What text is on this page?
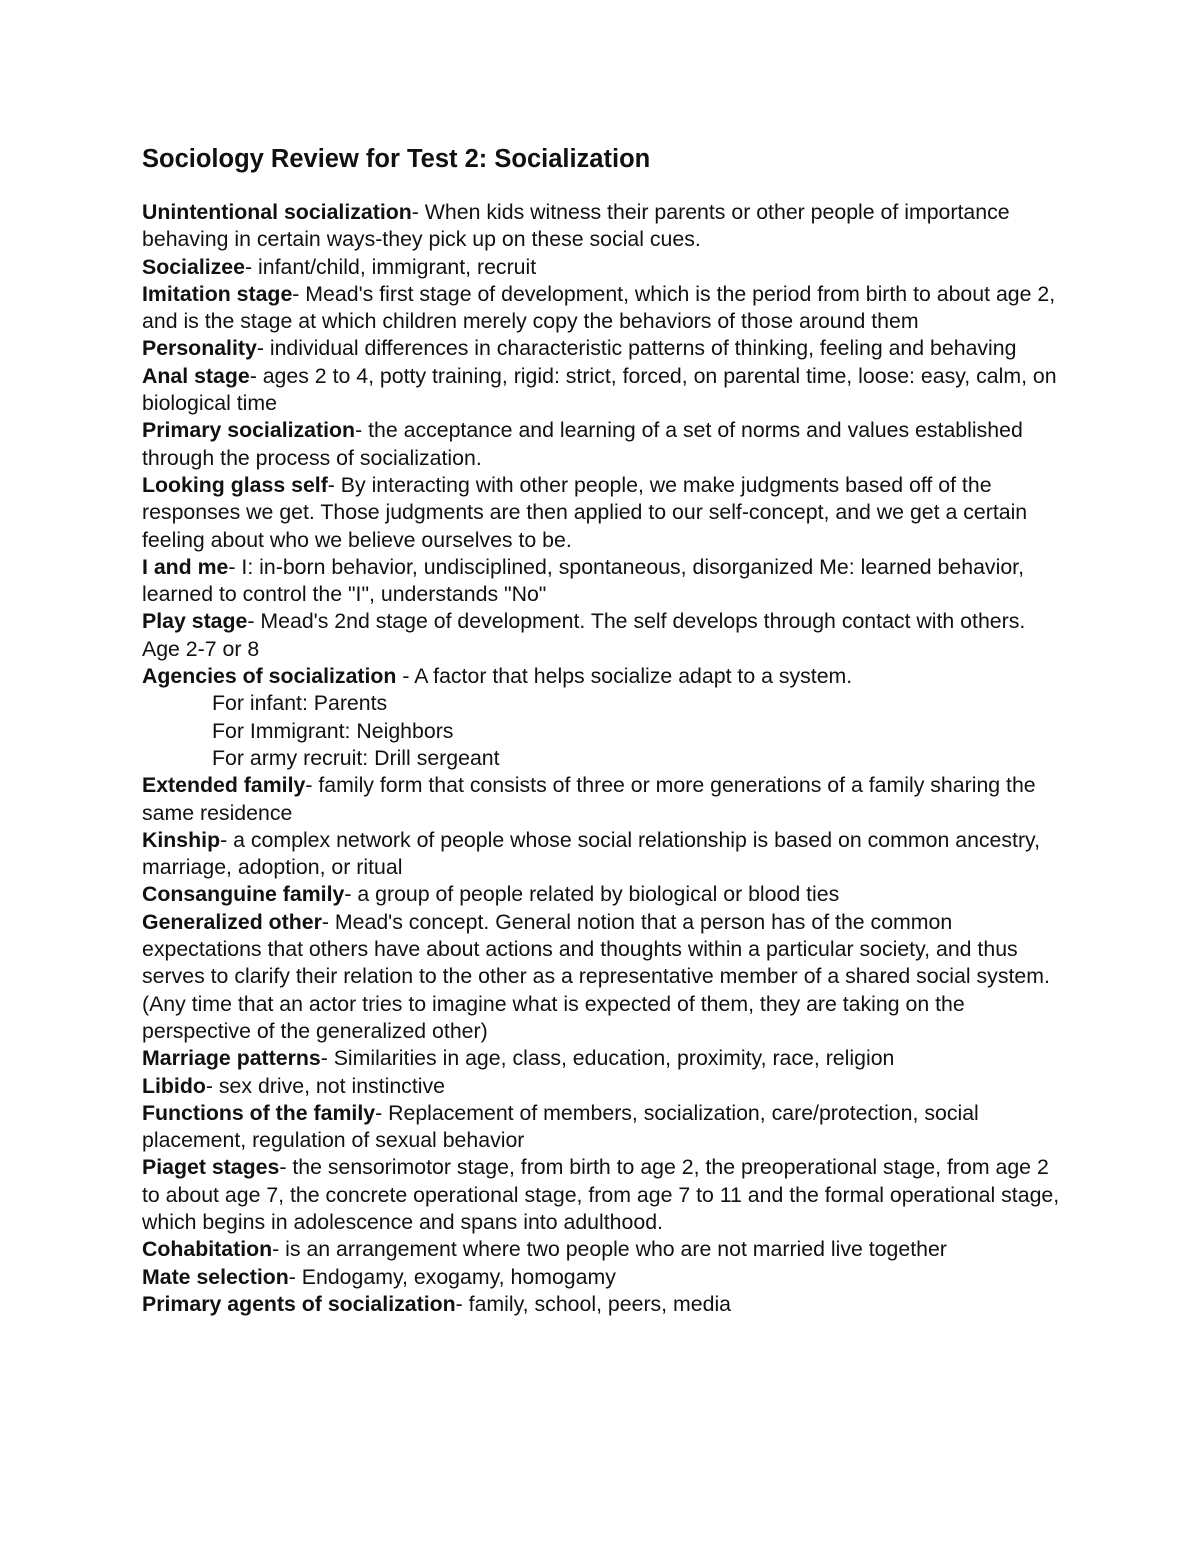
Sociology Review for Test 2: Socialization

Unintentional socialization- When kids witness their parents or other people of importance behaving in certain ways-they pick up on these social cues.

Socializee- infant/child, immigrant, recruit

Imitation stage- Mead's first stage of development, which is the period from birth to about age 2, and is the stage at which children merely copy the behaviors of those around them

Personality- individual differences in characteristic patterns of thinking, feeling and behaving

Anal stage- ages 2 to 4, potty training, rigid: strict, forced, on parental time, loose: easy, calm, on biological time

Primary socialization- the acceptance and learning of a set of norms and values established through the process of socialization.

Looking glass self- By interacting with other people, we make judgments based off of the responses we get. Those judgments are then applied to our self-concept, and we get a certain feeling about who we believe ourselves to be.

I and me- I: in-born behavior, undisciplined, spontaneous, disorganized Me: learned behavior, learned to control the "I", understands "No"

Play stage- Mead's 2nd stage of development. The self develops through contact with others. Age 2-7 or 8

Agencies of socialization - A factor that helps socialize adapt to a system.

For infant: Parents

For Immigrant: Neighbors

For army recruit: Drill sergeant

Extended family- family form that consists of three or more generations of a family sharing the same residence

Kinship- a complex network of people whose social relationship is based on common ancestry, marriage, adoption, or ritual

Consanguine family- a group of people related by biological or blood ties

Generalized other- Mead's concept. General notion that a person has of the common expectations that others have about actions and thoughts within a particular society, and thus serves to clarify their relation to the other as a representative member of a shared social system. (Any time that an actor tries to imagine what is expected of them, they are taking on the perspective of the generalized other)

Marriage patterns- Similarities in age, class, education, proximity, race, religion

Libido- sex drive, not instinctive

Functions of the family- Replacement of members, socialization, care/protection, social placement, regulation of sexual behavior

Piaget stages- the sensorimotor stage, from birth to age 2, the preoperational stage, from age 2 to about age 7, the concrete operational stage, from age 7 to 11 and the formal operational stage, which begins in adolescence and spans into adulthood.

Cohabitation- is an arrangement where two people who are not married live together

Mate selection- Endogamy, exogamy, homogamy

Primary agents of socialization- family, school, peers, media
